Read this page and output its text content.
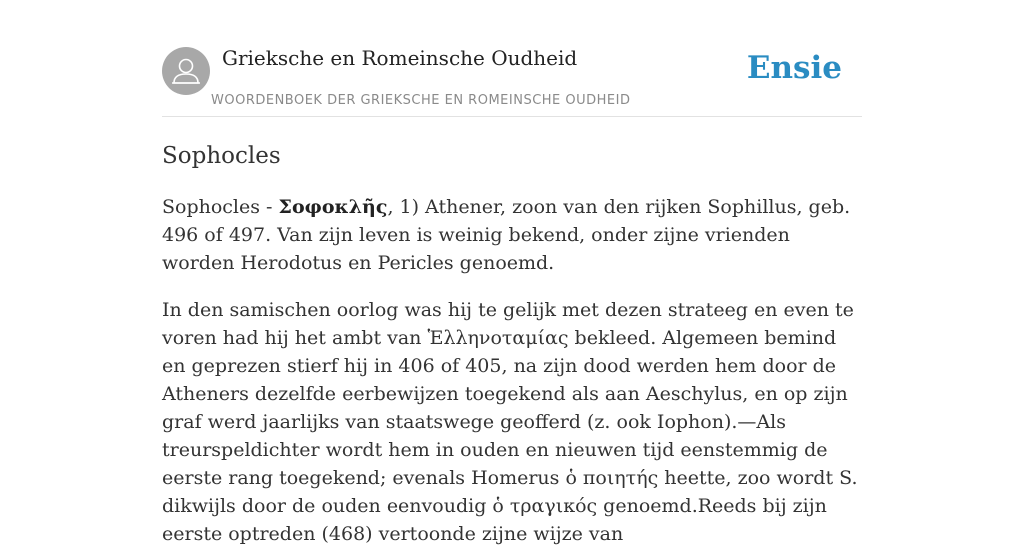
Grieksche en Romeinsche Oudheid
WOORDENBOEK DER GRIEKSCHE EN ROMEINSCHE OUDHEID
Ensie
Sophocles

Sophocles - Σοφοκλῆς, 1) Athener, zoon van den rijken Sophillus, geb. 496 of 497. Van zijn leven is weinig bekend, onder zijne vrienden worden Herodotus en Pericles genoemd.

In den samischen oorlog was hij te gelijk met dezen strateeg en even te voren had hij het ambt van Ἑλληνοταμίας bekleed. Algemeen bemind en geprezen stierf hij in 406 of 405, na zijn dood werden hem door de Atheners dezelfde eerbewijzen toegekend als aan Aeschylus, en op zijn graf werd jaarlijks van staatswege geofferd (z. ook Iophon).—Als treurspeldichter wordt hem in ouden en nieuwen tijd eenstemmig de eerste rang toegekend; evenals Homerus ὁ ποιητής heette, zoo wordt S. dikwijls door de ouden eenvoudig ὁ τραγικός genoemd.Reeds bij zijn eerste optreden (468) vertoonde zijne wijze van
